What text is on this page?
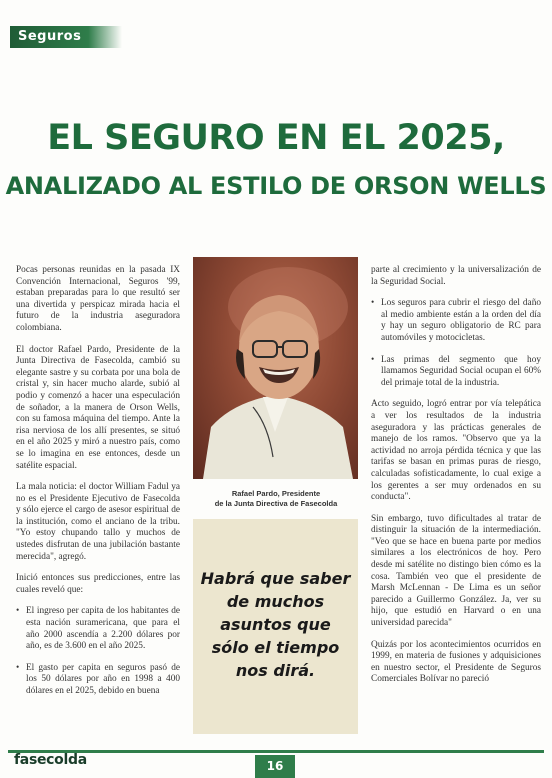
Seguros
EL SEGURO EN EL 2025,
ANALIZADO AL ESTILO DE ORSON WELLS

Pocas personas reunidas en la pasada IX Convención Internacional, Seguros '99, estaban preparadas para lo que resultó ser una divertida y perspicaz mirada hacia el futuro de la industria aseguradora colombiana.

El doctor Rafael Pardo, Presidente de la Junta Directiva de Fasecolda, cambió su elegante sastre y su corbata por una bola de cristal y, sin hacer mucho alarde, subió al podio y comenzó a hacer una especulación de soñador, a la manera de Orson Wells, con su famosa máquina del tiempo. Ante la risa nerviosa de los allí presentes, se situó en el año 2025 y miró a nuestro país, como se lo imagina en ese entonces, desde un satélite espacial.

La mala noticia: el doctor William Fadul ya no es el Presidente Ejecutivo de Fasecolda y sólo ejerce el cargo de asesor espiritual de la institución, como el anciano de la tribu. "Yo estoy chupando tallo y muchos de ustedes disfrutan de una jubilación bastante merecida", agregó.

Inició entonces sus predicciones, entre las cuales reveló que:

• El ingreso per capita de los habitantes de esta nación suramericana, que para el año 2000 ascendía a 2.200 dólares por año, es de 3.600 en el año 2025.
• El gasto per capita en seguros pasó de los 50 dólares por año en 1998 a 400 dólares en el 2025, debido en buena
Rafael Pardo, Presidente
de la Junta Directiva de Fasecolda
Habrá que saber
de muchos
asuntos que
sólo el tiempo
nos dirá.

parte al crecimiento y la universalización de la Seguridad Social.

• Los seguros para cubrir el riesgo del daño al medio ambiente están a la orden del día y hay un seguro obligatorio de RC para automóviles y motocicletas.
• Las primas del segmento que hoy llamamos Seguridad Social ocupan el 60% del primaje total de la industria.

Acto seguido, logró entrar por vía telepática a ver los resultados de la industria aseguradora y las prácticas generales de manejo de los ramos. "Observo que ya la actividad no arroja pérdida técnica y que las tarifas se basan en primas puras de riesgo, calculadas sofisticadamente, lo cual exige a los gerentes a ser muy ordenados en su conducta".

Sin embargo, tuvo dificultades al tratar de distinguir la situación de la intermediación. "Veo que se hace en buena parte por medios similares a los electrónicos de hoy. Pero desde mi satélite no distingo bien cómo es la cosa. También veo que el presidente de Marsh McLennan - De Lima es un señor parecido a Guillermo González. Ja, ver su hijo, que estudió en Harvard o en una universidad parecida"

Quizás por los acontecimientos ocurridos en 1999, en materia de fusiones y adquisiciones en nuestro sector, el Presidente de Seguros Comerciales Bolívar no pareció

fasecolda	16
